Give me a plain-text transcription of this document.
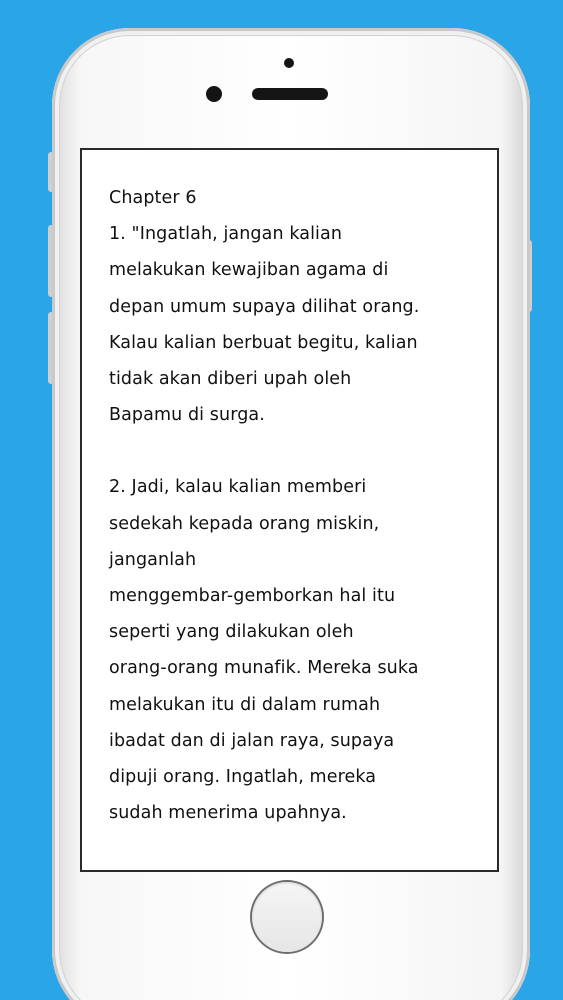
Chapter 6
1. "Ingatlah, jangan kalian
melakukan kewajiban agama di
depan umum supaya dilihat orang.
Kalau kalian berbuat begitu, kalian
tidak akan diberi upah oleh
Bapamu di surga.
2. Jadi, kalau kalian memberi
sedekah kepada orang miskin,
janganlah
menggembar-gemborkan hal itu
seperti yang dilakukan oleh
orang-orang munafik. Mereka suka
melakukan itu di dalam rumah
ibadat dan di jalan raya, supaya
dipuji orang. Ingatlah, mereka
sudah menerima upahnya.
